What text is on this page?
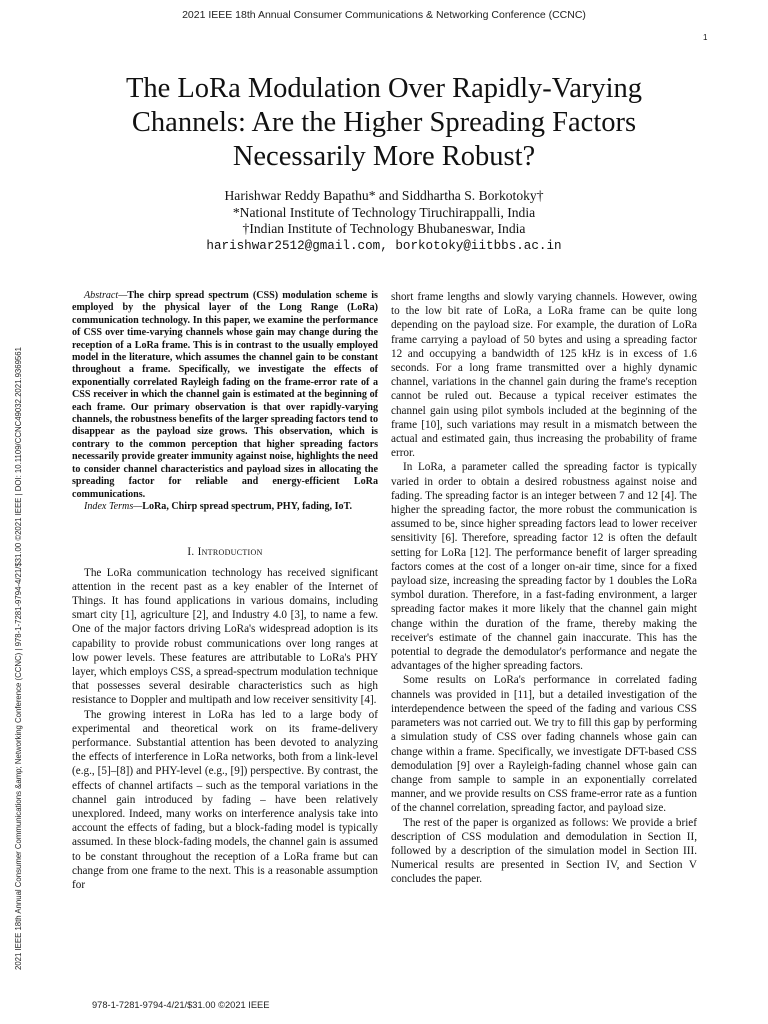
2021 IEEE 18th Annual Consumer Communications & Networking Conference (CCNC)
1
2021 IEEE 18th Annual Consumer Communications &amp; Networking Conference (CCNC) | 978-1-7281-9794-4/21/$31.00 ©2021 IEEE | DOI: 10.1109/CCNC49032.2021.9369561
The LoRa Modulation Over Rapidly-Varying Channels: Are the Higher Spreading Factors Necessarily More Robust?
Harishwar Reddy Bapathu* and Siddhartha S. Borkotoky†
*National Institute of Technology Tiruchirappalli, India
†Indian Institute of Technology Bhubaneswar, India
harishwar2512@gmail.com, borkotoky@iitbbs.ac.in

Abstract—The chirp spread spectrum (CSS) modulation scheme is employed by the physical layer of the Long Range (LoRa) communication technology. In this paper, we examine the performance of CSS over time-varying channels whose gain may change during the reception of a LoRa frame. This is in contrast to the usually employed model in the literature, which assumes the channel gain to be constant throughout a frame. Specifically, we investigate the effects of exponentially correlated Rayleigh fading on the frame-error rate of a CSS receiver in which the channel gain is estimated at the beginning of each frame. Our primary observation is that over rapidly-varying channels, the robustness benefits of the larger spreading factors tend to disappear as the payload size grows. This observation, which is contrary to the common perception that higher spreading factors necessarily provide greater immunity against noise, highlights the need to consider channel characteristics and payload sizes in allocating the spreading factor for reliable and energy-efficient LoRa communications.

Index Terms—LoRa, Chirp spread spectrum, PHY, fading, IoT.

I. Introduction

The LoRa communication technology has received significant attention in the recent past as a key enabler of the Internet of Things. It has found applications in various domains, including smart city [1], agriculture [2], and Industry 4.0 [3], to name a few. One of the major factors driving LoRa's widespread adoption is its capability to provide robust communications over long ranges at low power levels. These features are attributable to LoRa's PHY layer, which employs CSS, a spread-spectrum modulation technique that possesses several desirable characteristics such as high resistance to Doppler and multipath and low receiver sensitivity [4].

The growing interest in LoRa has led to a large body of experimental and theoretical work on its frame-delivery performance. Substantial attention has been devoted to analyzing the effects of interference in LoRa networks, both from a link-level (e.g., [5]–[8]) and PHY-level (e.g., [9]) perspective. By contrast, the effects of channel artifacts – such as the temporal variations in the channel gain introduced by fading – have been relatively unexplored. Indeed, many works on interference analysis take into account the effects of fading, but a block-fading model is typically assumed. In these block-fading models, the channel gain is assumed to be constant throughout the reception of a LoRa frame but can change from one frame to the next. This is a reasonable assumption for

short frame lengths and slowly varying channels. However, owing to the low bit rate of LoRa, a LoRa frame can be quite long depending on the payload size. For example, the duration of LoRa frame carrying a payload of 50 bytes and using a spreading factor 12 and occupying a bandwidth of 125 kHz is in excess of 1.6 seconds. For a long frame transmitted over a highly dynamic channel, variations in the channel gain during the frame's reception cannot be ruled out. Because a typical receiver estimates the channel gain using pilot symbols included at the beginning of the frame [10], such variations may result in a mismatch between the actual and estimated gain, thus increasing the probability of frame error.

In LoRa, a parameter called the spreading factor is typically varied in order to obtain a desired robustness against noise and fading. The spreading factor is an integer between 7 and 12 [4]. The higher the spreading factor, the more robust the communication is assumed to be, since higher spreading factors lead to lower receiver sensitivity [6]. Therefore, spreading factor 12 is often the default setting for LoRa [12]. The performance benefit of larger spreading factors comes at the cost of a longer on-air time, since for a fixed payload size, increasing the spreading factor by 1 doubles the LoRa symbol duration. Therefore, in a fast-fading environment, a larger spreading factor makes it more likely that the channel gain might change within the duration of the frame, thereby making the receiver's estimate of the channel gain inaccurate. This has the potential to degrade the demodulator's performance and negate the advantages of the higher spreading factors.

Some results on LoRa's performance in correlated fading channels was provided in [11], but a detailed investigation of the interdependence between the speed of the fading and various CSS parameters was not carried out. We try to fill this gap by performing a simulation study of CSS over fading channels whose gain can change within a frame. Specifically, we investigate DFT-based CSS demodulation [9] over a Rayleigh-fading channel whose gain can change from sample to sample in an exponentially correlated manner, and we provide results on CSS frame-error rate as a funtion of the channel correlation, spreading factor, and payload size.

The rest of the paper is organized as follows: We provide a brief description of CSS modulation and demodulation in Section II, followed by a description of the simulation model in Section III. Numerical results are presented in Section IV, and Section V concludes the paper.

978-1-7281-9794-4/21/$31.00 ©2021 IEEE
